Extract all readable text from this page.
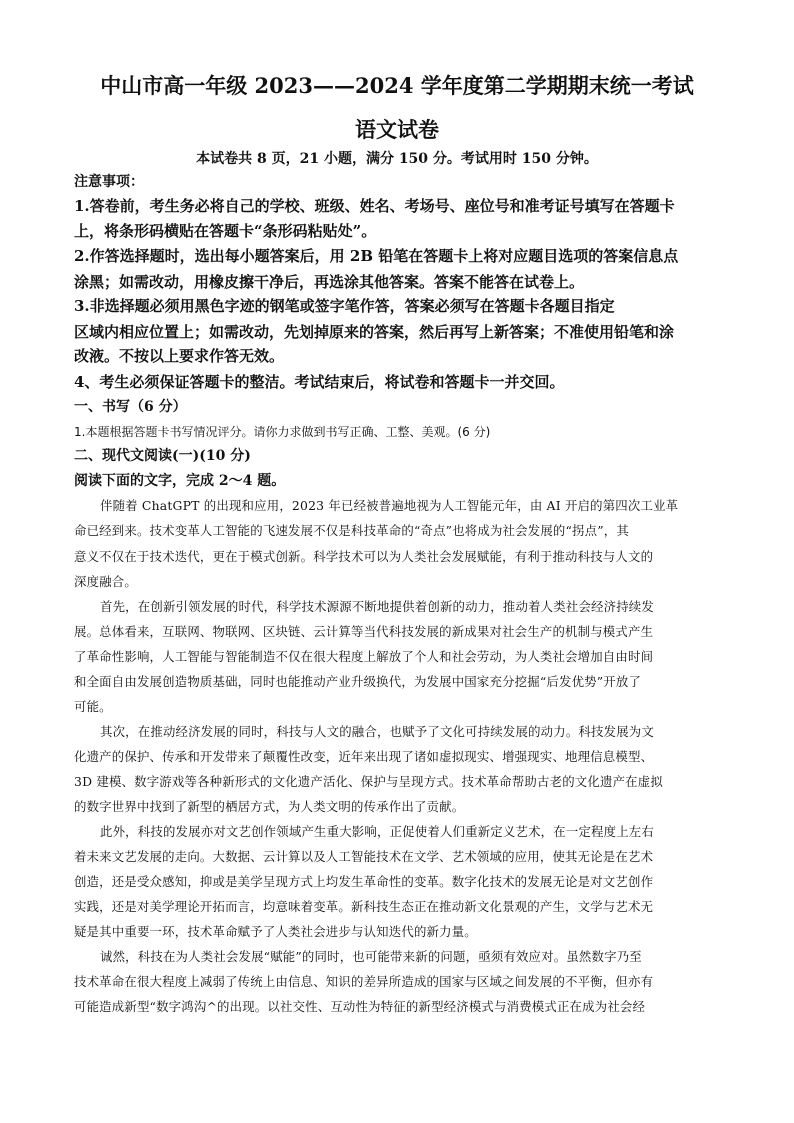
中山市高一年级 2023——2024 学年度第二学期期末统一考试
语文试卷
本试卷共 8 页，21 小题，满分 150 分。考试用时 150 分钟。
注意事项：
1.答卷前，考生务必将自己的学校、班级、姓名、考场号、座位号和准考证号填写在答题卡
上，将条形码横贴在答题卡“条形码粘贴处”。
2.作答选择题时，选出每小题答案后，用 2B 铅笔在答题卡上将对应题目选项的答案信息点
涂黑；如需改动，用橡皮擦干净后，再选涂其他答案。答案不能答在试卷上。
3.非选择题必须用黑色字迹的钢笔或签字笔作答，答案必须写在答题卡各题目指定
区域内相应位置上；如需改动，先划掉原来的答案，然后再写上新答案；不准使用铅笔和涂
改液。不按以上要求作答无效。
4、考生必须保证答题卡的整洁。考试结束后，将试卷和答题卡一并交回。
一、书写（6 分）
1.本题根据答题卡书写情况评分。请你力求做到书写正确、工整、美观。(6 分)
二、现代文阅读(一)(10 分)
阅读下面的文字，完成 2～4 题。
伴随着 ChatGPT 的出现和应用，2023 年已经被普遍地视为人工智能元年，由 AI 开启的第四次工业革
命已经到来。技术变革人工智能的飞速发展不仅是科技革命的“奇点”也将成为社会发展的“拐点”，其
意义不仅在于技术迭代，更在于模式创新。科学技术可以为人类社会发展赋能，有利于推动科技与人文的
深度融合。
首先，在创新引领发展的时代，科学技术源源不断地提供着创新的动力，推动着人类社会经济持续发
展。总体看来，互联网、物联网、区块链、云计算等当代科技发展的新成果对社会生产的机制与模式产生
了革命性影响，人工智能与智能制造不仅在很大程度上解放了个人和社会劳动，为人类社会增加自由时间
和全面自由发展创造物质基础，同时也能推动产业升级换代，为发展中国家充分挖掘“后发优势”开放了
可能。
其次，在推动经济发展的同时，科技与人文的融合，也赋予了文化可持续发展的动力。科技发展为文
化遗产的保护、传承和开发带来了颠覆性改变，近年来出现了诸如虚拟现实、增强现实、地理信息模型、
3D 建模、数字游戏等各种新形式的文化遗产活化、保护与呈现方式。技术革命帮助古老的文化遗产在虚拟
的数字世界中找到了新型的栖居方式，为人类文明的传承作出了贡献。
此外，科技的发展亦对文艺创作领域产生重大影响，正促使着人们重新定义艺术，在一定程度上左右
着未来文艺发展的走向。大数据、云计算以及人工智能技术在文学、艺术领域的应用，使其无论是在艺术
创造，还是受众感知，抑或是美学呈现方式上均发生革命性的变革。数字化技术的发展无论是对文艺创作
实践，还是对美学理论开拓而言，均意味着变革。新科技生态正在推动新文化景观的产生，文学与艺术无
疑是其中重要一环，技术革命赋予了人类社会进步与认知迭代的新力量。
诚然，科技在为人类社会发展“赋能”的同时，也可能带来新的问题，亟须有效应对。虽然数字乃至
技术革命在很大程度上减弱了传统上由信息、知识的差异所造成的国家与区域之间发展的不平衡，但亦有
可能造成新型“数字鸿沟^的出现。以社交性、互动性为特征的新型经济模式与消费模式正在成为社会经
